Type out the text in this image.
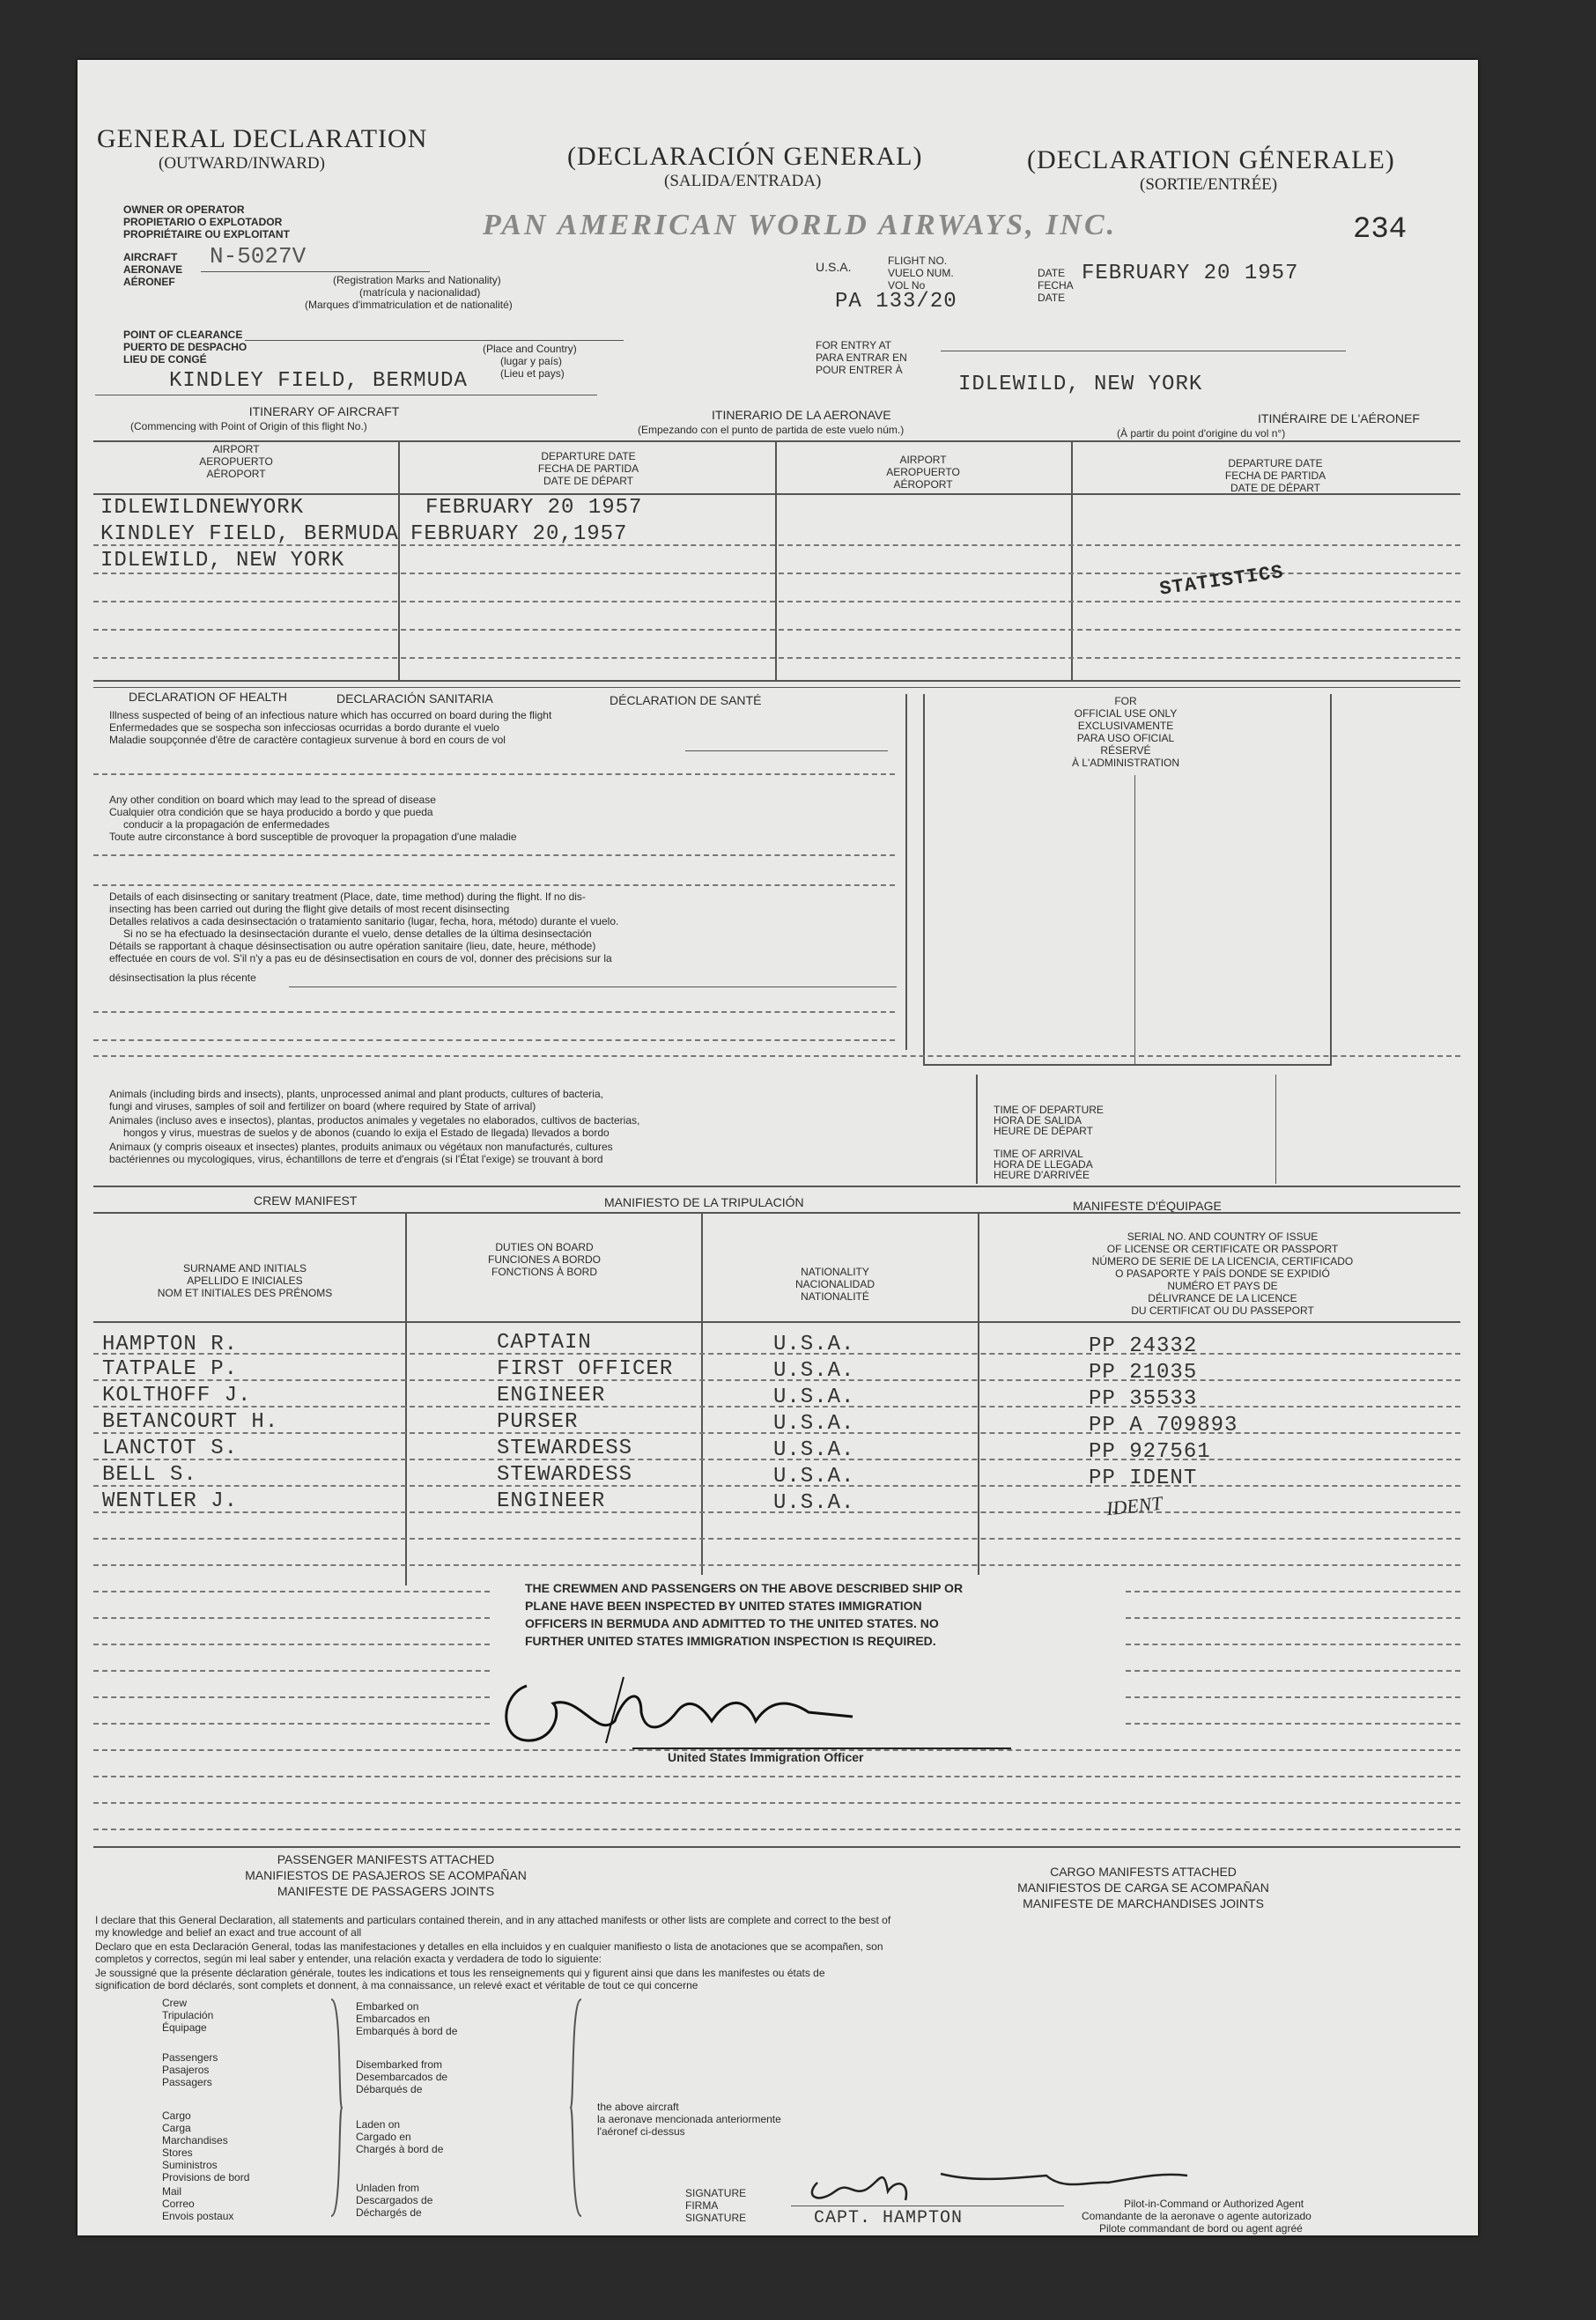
GENERAL DECLARATION
(OUTWARD/INWARD)	(DECLARACIÓN GENERAL)
(SALIDA/ENTRADA)
(DECLARATION GÉNERALE)
(SORTIE/ENTRÉE)
234
OWNER OR OPERATOR
PROPIETARIO O EXPLOTADOR
PROPRIÉTAIRE OU EXPLOITANT	PAN AMERICAN WORLD AIRWAYS, INC.
AIRCRAFT
AERONAVE
AÉRONEF
N-5027V
(Registration Marks and Nationality)
(matrícula y nacionalidad)
(Marques d'immatriculation et de nationalité)
U.S.A.	FLIGHT NO.
VUELO NUM.
VOL No
PA 133/20
DATE
FECHA
DATE
FEBRUARY 20 1957
POINT OF CLEARANCE
PUERTO DE DESPACHO
LIEU DE CONGÉ
(Place and Country)
(lugar y país)
(Lieu et pays)
KINDLEY FIELD, BERMUDA
FOR ENTRY AT
PARA ENTRAR EN
POUR ENTRER À
IDLEWILD, NEW YORK
ITINERARY OF AIRCRAFT
(Commencing with Point of Origin of this flight No.)
ITINERARIO DE LA AERONAVE
(Empezando con el punto de partida de este vuelo núm.)
ITINÉRAIRE DE L'AÉRONEF
(À partir du point d'origine du vol n°)
AIRPORT
AEROPUERTO
AÉROPORT
DEPARTURE DATE
FECHA DE PARTIDA
DATE DE DÉPART
AIRPORT
AEROPUERTO
AÉROPORT
DEPARTURE DATE
FECHA DE PARTIDA
DATE DE DÉPART
IDLEWILDNEWYORK	FEBRUARY 20 1957
KINDLEY FIELD, BERMUDA FEBRUARY 20,1957
IDLEWILD, NEW YORK
STATISTICS
DECLARATION OF HEALTH	DECLARACIÓN SANITARIA	DÉCLARATION DE SANTÉ
Illness suspected of being of an infectious nature which has occurred on board during the flight
Enfermedades que se sospecha son infecciosas ocurridas a bordo durante el vuelo
Maladie soupçonnée d'être de caractère contagieux survenue à bord en cours de vol
Any other condition on board which may lead to the spread of disease
Cualquier otra condición que se haya producido a bordo y que pueda
conducir a la propagación de enfermedades
Toute autre circonstance à bord susceptible de provoquer la propagation d'une maladie
Details of each disinsecting or sanitary treatment (Place, date, time method) during the flight. If no dis-
insecting has been carried out during the flight give details of most recent disinsecting
Detalles relativos a cada desinsectación o tratamiento sanitario (lugar, fecha, hora, método) durante el vuelo.
Si no se ha efectuado la desinsectación durante el vuelo, dense detalles de la última desinsectación
Détails se rapportant à chaque désinsectisation ou autre opération sanitaire (lieu, date, heure, méthode)
effectuée en cours de vol. S'il n'y a pas eu de désinsectisation en cours de vol, donner des précisions sur la
désinsectisation la plus récente
FOR
OFFICIAL USE ONLY
EXCLUSIVAMENTE
PARA USO OFICIAL
RÉSERVÉ
À L'ADMINISTRATION
Animals (including birds and insects), plants, unprocessed animal and plant products, cultures of bacteria,
fungi and viruses, samples of soil and fertilizer on board (where required by State of arrival)
Animales (incluso aves e insectos), plantas, productos animales y vegetales no elaborados, cultivos de bacterias,
hongos y virus, muestras de suelos y de abonos (cuando lo exija el Estado de llegada) llevados a bordo
Animaux (y compris oiseaux et insectes) plantes, produits animaux ou végétaux non manufacturés, cultures
bactériennes ou mycologiques, virus, échantillons de terre et d'engrais (si l'État l'exige) se trouvant à bord
TIME OF DEPARTURE
HORA DE SALIDA
HEURE DE DÉPART
TIME OF ARRIVAL
HORA DE LLEGADA
HEURE D'ARRIVÉE
CREW MANIFEST	MANIFIESTO DE LA TRIPULACIÓN	MANIFESTE D'ÉQUIPAGE
SURNAME AND INITIALS
APELLIDO E INICIALES
NOM ET INITIALES DES PRÉNOMS
DUTIES ON BOARD
FUNCIONES A BORDO
FONCTIONS À BORD	NATIONALITY
NACIONALIDAD
NATIONALITÉ
SERIAL NO. AND COUNTRY OF ISSUE
OF LICENSE OR CERTIFICATE OR PASSPORT
NÚMERO DE SERIE DE LA LICENCIA, CERTIFICADO
O PASAPORTE Y PAÍS DONDE SE EXPIDIÓ
NUMÉRO ET PAYS DE
DÉLIVRANCE DE LA LICENCE
DU CERTIFICAT OU DU PASSEPORT
HAMPTON R.	CAPTAIN	U.S.A.	PP 24332
TATPALE P.	FIRST OFFICER	U.S.A.	PP 21035
KOLTHOFF J.	ENGINEER	U.S.A.	PP 35533
BETANCOURT H.	PURSER	U.S.A.	PP A 709893
LANCTOT S.	STEWARDESS	U.S.A.	PP 927561
BELL S.	STEWARDESS	U.S.A.	PP IDENT
WENTLER J.	ENGINEER	U.S.A.	IDENT
THE CREWMEN AND PASSENGERS ON THE ABOVE DESCRIBED SHIP OR
PLANE HAVE BEEN INSPECTED BY UNITED STATES IMMIGRATION
OFFICERS IN BERMUDA AND ADMITTED TO THE UNITED STATES. NO
FURTHER UNITED STATES IMMIGRATION INSPECTION IS REQUIRED.
United States Immigration Officer
PASSENGER MANIFESTS ATTACHED
MANIFIESTOS DE PASAJEROS SE ACOMPAÑAN
MANIFESTE DE PASSAGERS JOINTS
CARGO MANIFESTS ATTACHED
MANIFIESTOS DE CARGA SE ACOMPAÑAN
MANIFESTE DE MARCHANDISES JOINTS
I declare that this General Declaration, all statements and particulars contained therein, and in any attached manifests or other lists are complete and correct to the best of
my knowledge and belief an exact and true account of all
Declaro que en esta Declaración General, todas las manifestaciones y detalles en ella incluidos y en cualquier manifiesto o lista de anotaciones que se acompañen, son
completos y correctos, según mi leal saber y entender, una relación exacta y verdadera de todo lo siguiente:
Je soussigné que la présente déclaration générale, toutes les indications et tous les renseignements qui y figurent ainsi que dans les manifestes ou états de
signification de bord déclarés, sont complets et donnent, à ma connaissance, un relevé exact et véritable de tout ce qui concerne
the above aircraft
la aeronave mencionada anteriormente
l'aéronef ci-dessus
SIGNATURE
FIRMA
SIGNATURE	CAPT. HAMPTON
Pilot-in-Command or Authorized Agent
Comandante de la aeronave o agente autorizado
Pilote commandant de bord ou agent agréé
Crew
Tripulación
Équipage
Passengers
Pasajeros
Passagers
Cargo
Carga
Marchandises
Stores
Suministros
Provisions de bord
Mail
Correo
Envois postaux
Embarked on
Embarcados en
Embarqués à bord de
Disembarked from
Desembarcados de
Débarqués de
Laden on
Cargado en
Chargés à bord de
Unladen from
Descargados de
Déchargés de
